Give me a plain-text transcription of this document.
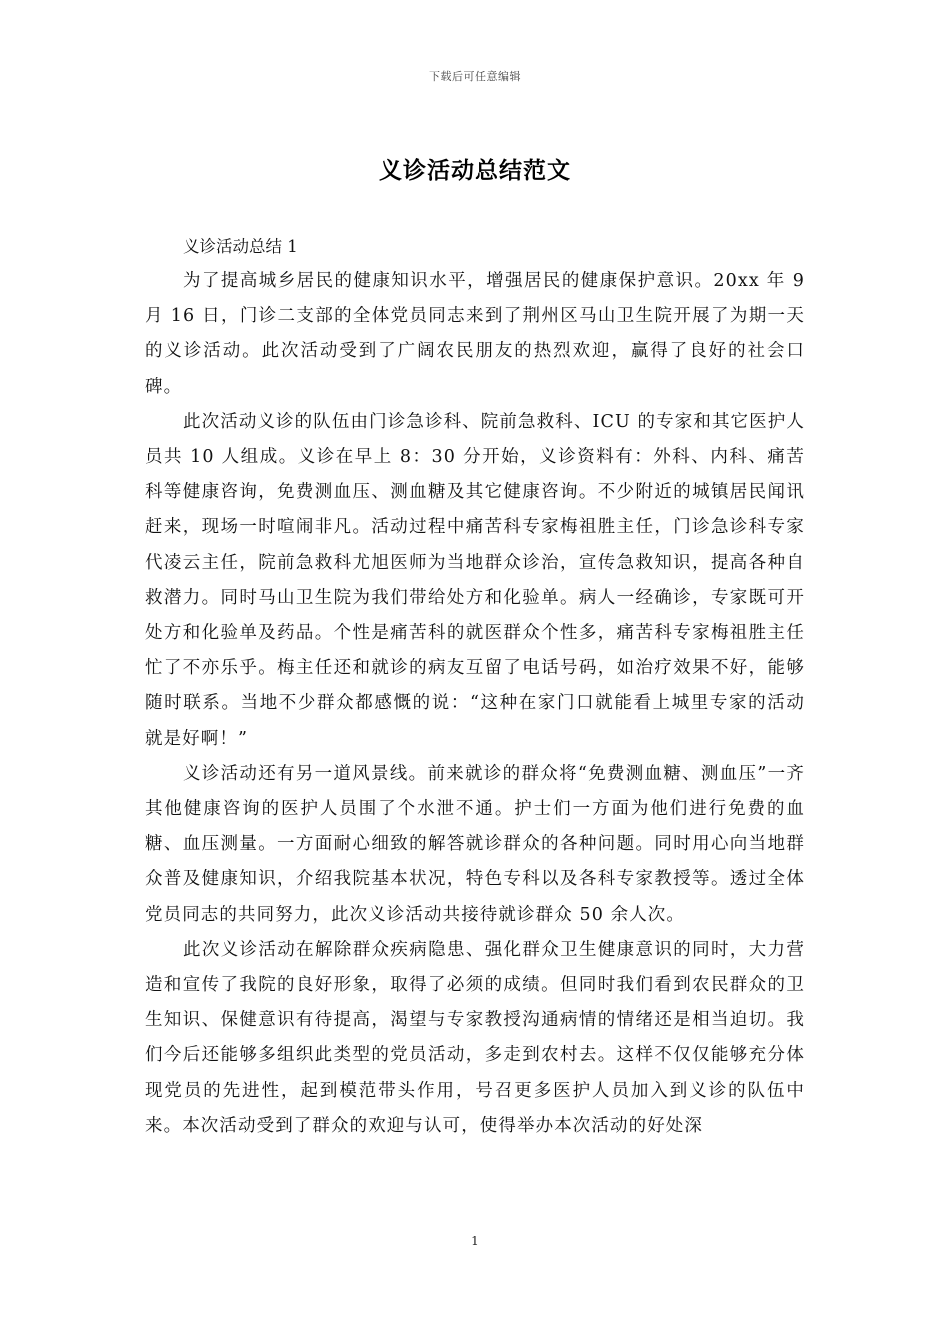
下载后可任意编辑
义诊活动总结范文

义诊活动总结 1

为了提高城乡居民的健康知识水平，增强居民的健康保护意识。20xx 年 9 月 16 日，门诊二支部的全体党员同志来到了荆州区马山卫生院开展了为期一天的义诊活动。此次活动受到了广阔农民朋友的热烈欢迎，赢得了良好的社会口碑。

此次活动义诊的队伍由门诊急诊科、院前急救科、ICU 的专家和其它医护人员共 10 人组成。义诊在早上 8：30 分开始，义诊资料有：外科、内科、痛苦科等健康咨询，免费测血压、测血糖及其它健康咨询。不少附近的城镇居民闻讯赶来，现场一时喧闹非凡。活动过程中痛苦科专家梅祖胜主任，门诊急诊科专家代凌云主任，院前急救科尤旭医师为当地群众诊治，宣传急救知识，提高各种自救潜力。同时马山卫生院为我们带给处方和化验单。病人一经确诊，专家既可开处方和化验单及药品。个性是痛苦科的就医群众个性多，痛苦科专家梅祖胜主任忙了不亦乐乎。梅主任还和就诊的病友互留了电话号码，如治疗效果不好，能够随时联系。当地不少群众都感慨的说：“这种在家门口就能看上城里专家的活动就是好啊！”

义诊活动还有另一道风景线。前来就诊的群众将“免费测血糖、测血压”一齐其他健康咨询的医护人员围了个水泄不通。护士们一方面为他们进行免费的血糖、血压测量。一方面耐心细致的解答就诊群众的各种问题。同时用心向当地群众普及健康知识，介绍我院基本状况，特色专科以及各科专家教授等。透过全体党员同志的共同努力，此次义诊活动共接待就诊群众 50 余人次。

此次义诊活动在解除群众疾病隐患、强化群众卫生健康意识的同时，大力营造和宣传了我院的良好形象，取得了必须的成绩。但同时我们看到农民群众的卫生知识、保健意识有待提高，渴望与专家教授沟通病情的情绪还是相当迫切。我们今后还能够多组织此类型的党员活动，多走到农村去。这样不仅仅能够充分体现党员的先进性，起到模范带头作用，号召更多医护人员加入到义诊的队伍中来。本次活动受到了群众的欢迎与认可，使得举办本次活动的好处深

1
